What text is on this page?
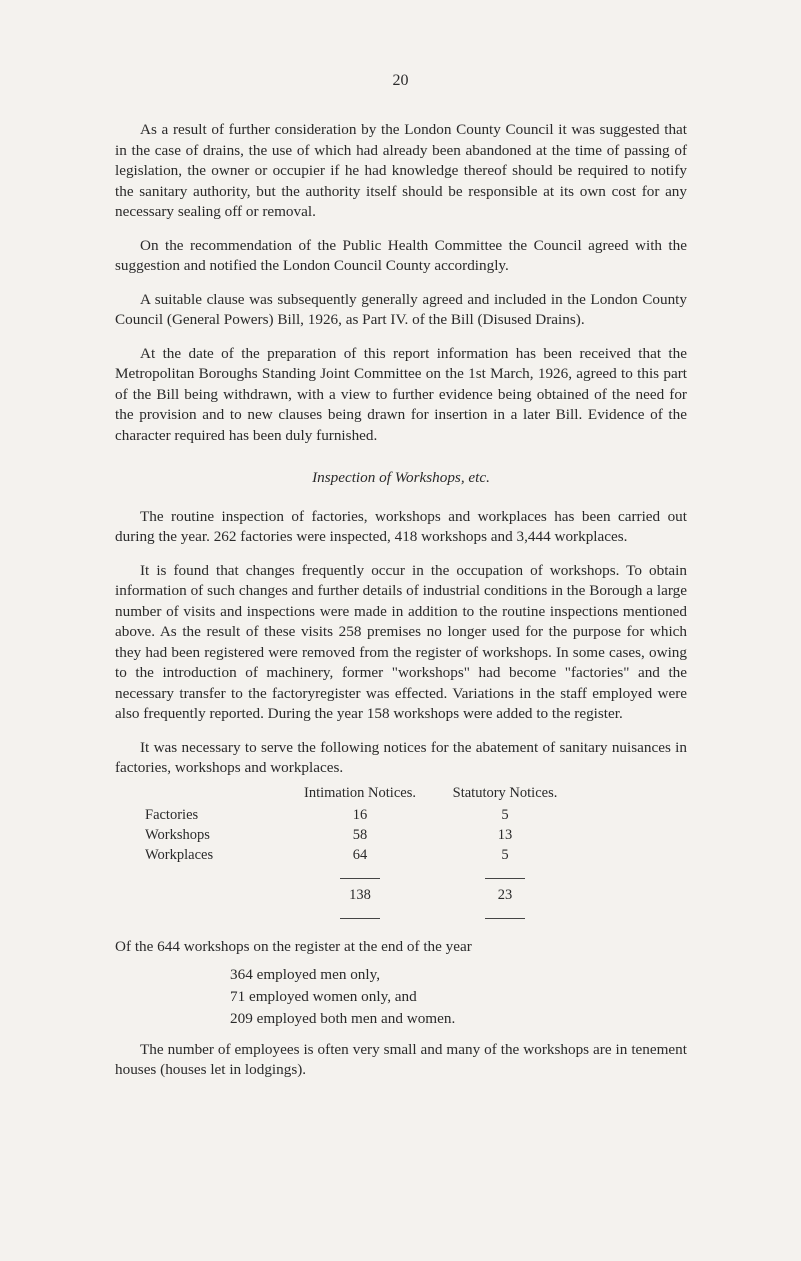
20

As a result of further consideration by the London County Council it was suggested that in the case of drains, the use of which had already been abandoned at the time of passing of legislation, the owner or occupier if he had knowledge thereof should be required to notify the sanitary authority, but the authority itself should be responsible at its own cost for any necessary sealing off or removal.

On the recommendation of the Public Health Committee the Council agreed with the suggestion and notified the London Council County accordingly.

A suitable clause was subsequently generally agreed and included in the London County Council (General Powers) Bill, 1926, as Part IV. of the Bill (Disused Drains).

At the date of the preparation of this report information has been received that the Metropolitan Boroughs Standing Joint Committee on the 1st March, 1926, agreed to this part of the Bill being withdrawn, with a view to further evidence being obtained of the need for the provision and to new clauses being drawn for insertion in a later Bill. Evidence of the character required has been duly furnished.

Inspection of Workshops, etc.

The routine inspection of factories, workshops and workplaces has been carried out during the year. 262 factories were inspected, 418 workshops and 3,444 workplaces.

It is found that changes frequently occur in the occupation of workshops. To obtain information of such changes and further details of industrial conditions in the Borough a large number of visits and inspections were made in addition to the routine inspections mentioned above. As the result of these visits 258 premises no longer used for the purpose for which they had been registered were removed from the register of workshops. In some cases, owing to the introduction of machinery, former "workshops" had become "factories" and the necessary transfer to the factoryregister was effected. Variations in the staff employed were also frequently reported. During the year 158 workshops were added to the register.

It was necessary to serve the following notices for the abatement of sanitary nuisances in factories, workshops and workplaces.

	Intimation Notices.	Statutory Notices.
Factories	16	5
Workshops	58	13
Workplaces	64	5

	138	23

Of the 644 workshops on the register at the end of the year

364 employed men only,
71 employed women only, and
209 employed both men and women.

The number of employees is often very small and many of the workshops are in tenement houses (houses let in lodgings).
